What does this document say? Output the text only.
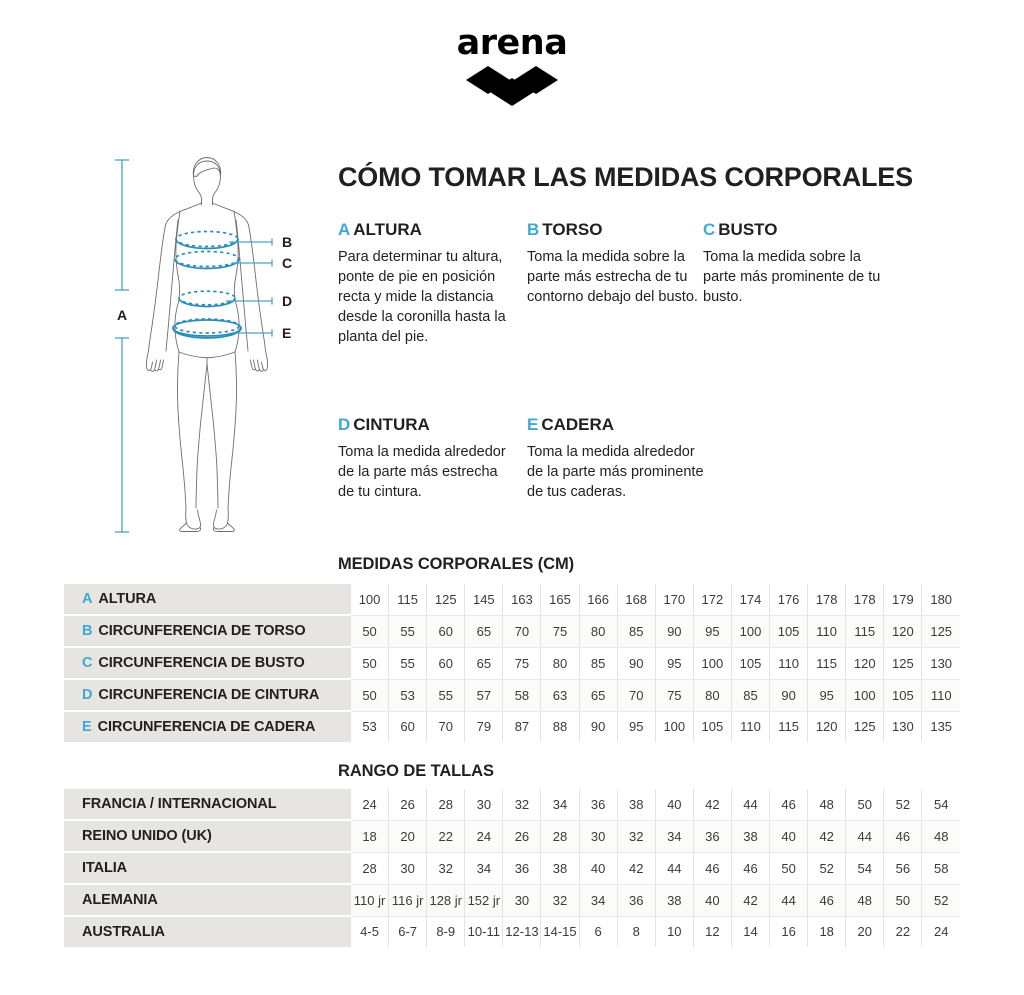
arena
CÓMO TOMAR LAS MEDIDAS CORPORALES
A
B
C
D
E
A ALTURA
Para determinar tu altura, ponte de pie en posición recta y mide la distancia desde la coronilla hasta la planta del pie.
B TORSO
Toma la medida sobre la parte más estrecha de tu contorno debajo del busto.
C BUSTO
Toma la medida sobre la parte más prominente de tu busto.
D CINTURA
Toma la medida alrededor de la parte más estrecha de tu cintura.
E CADERA
Toma la medida alrededor de la parte más prominente de tus caderas.
MEDIDAS CORPORALES (CM)
A ALTURA	100	115	125	145	163	165	166	168	170	172	174	176	178	178	179	180
B CIRCUNFERENCIA DE TORSO	50	55	60	65	70	75	80	85	90	95	100	105	110	115	120	125
C CIRCUNFERENCIA DE BUSTO	50	55	60	65	75	80	85	90	95	100	105	110	115	120	125	130
D CIRCUNFERENCIA DE CINTURA	50	53	55	57	58	63	65	70	75	80	85	90	95	100	105	110
E CIRCUNFERENCIA DE CADERA	53	60	70	79	87	88	90	95	100	105	110	115	120	125	130	135
RANGO DE TALLAS
FRANCIA / INTERNACIONAL	24	26	28	30	32	34	36	38	40	42	44	46	48	50	52	54
REINO UNIDO (UK)	18	20	22	24	26	28	30	32	34	36	38	40	42	44	46	48
ITALIA	28	30	32	34	36	38	40	42	44	46	46	50	52	54	56	58
ALEMANIA	110 jr	116 jr	128 jr	152 jr	30	32	34	36	38	40	42	44	46	48	50	52
AUSTRALIA	4-5	6-7	8-9	10-11	12-13	14-15	6	8	10	12	14	16	18	20	22	24
